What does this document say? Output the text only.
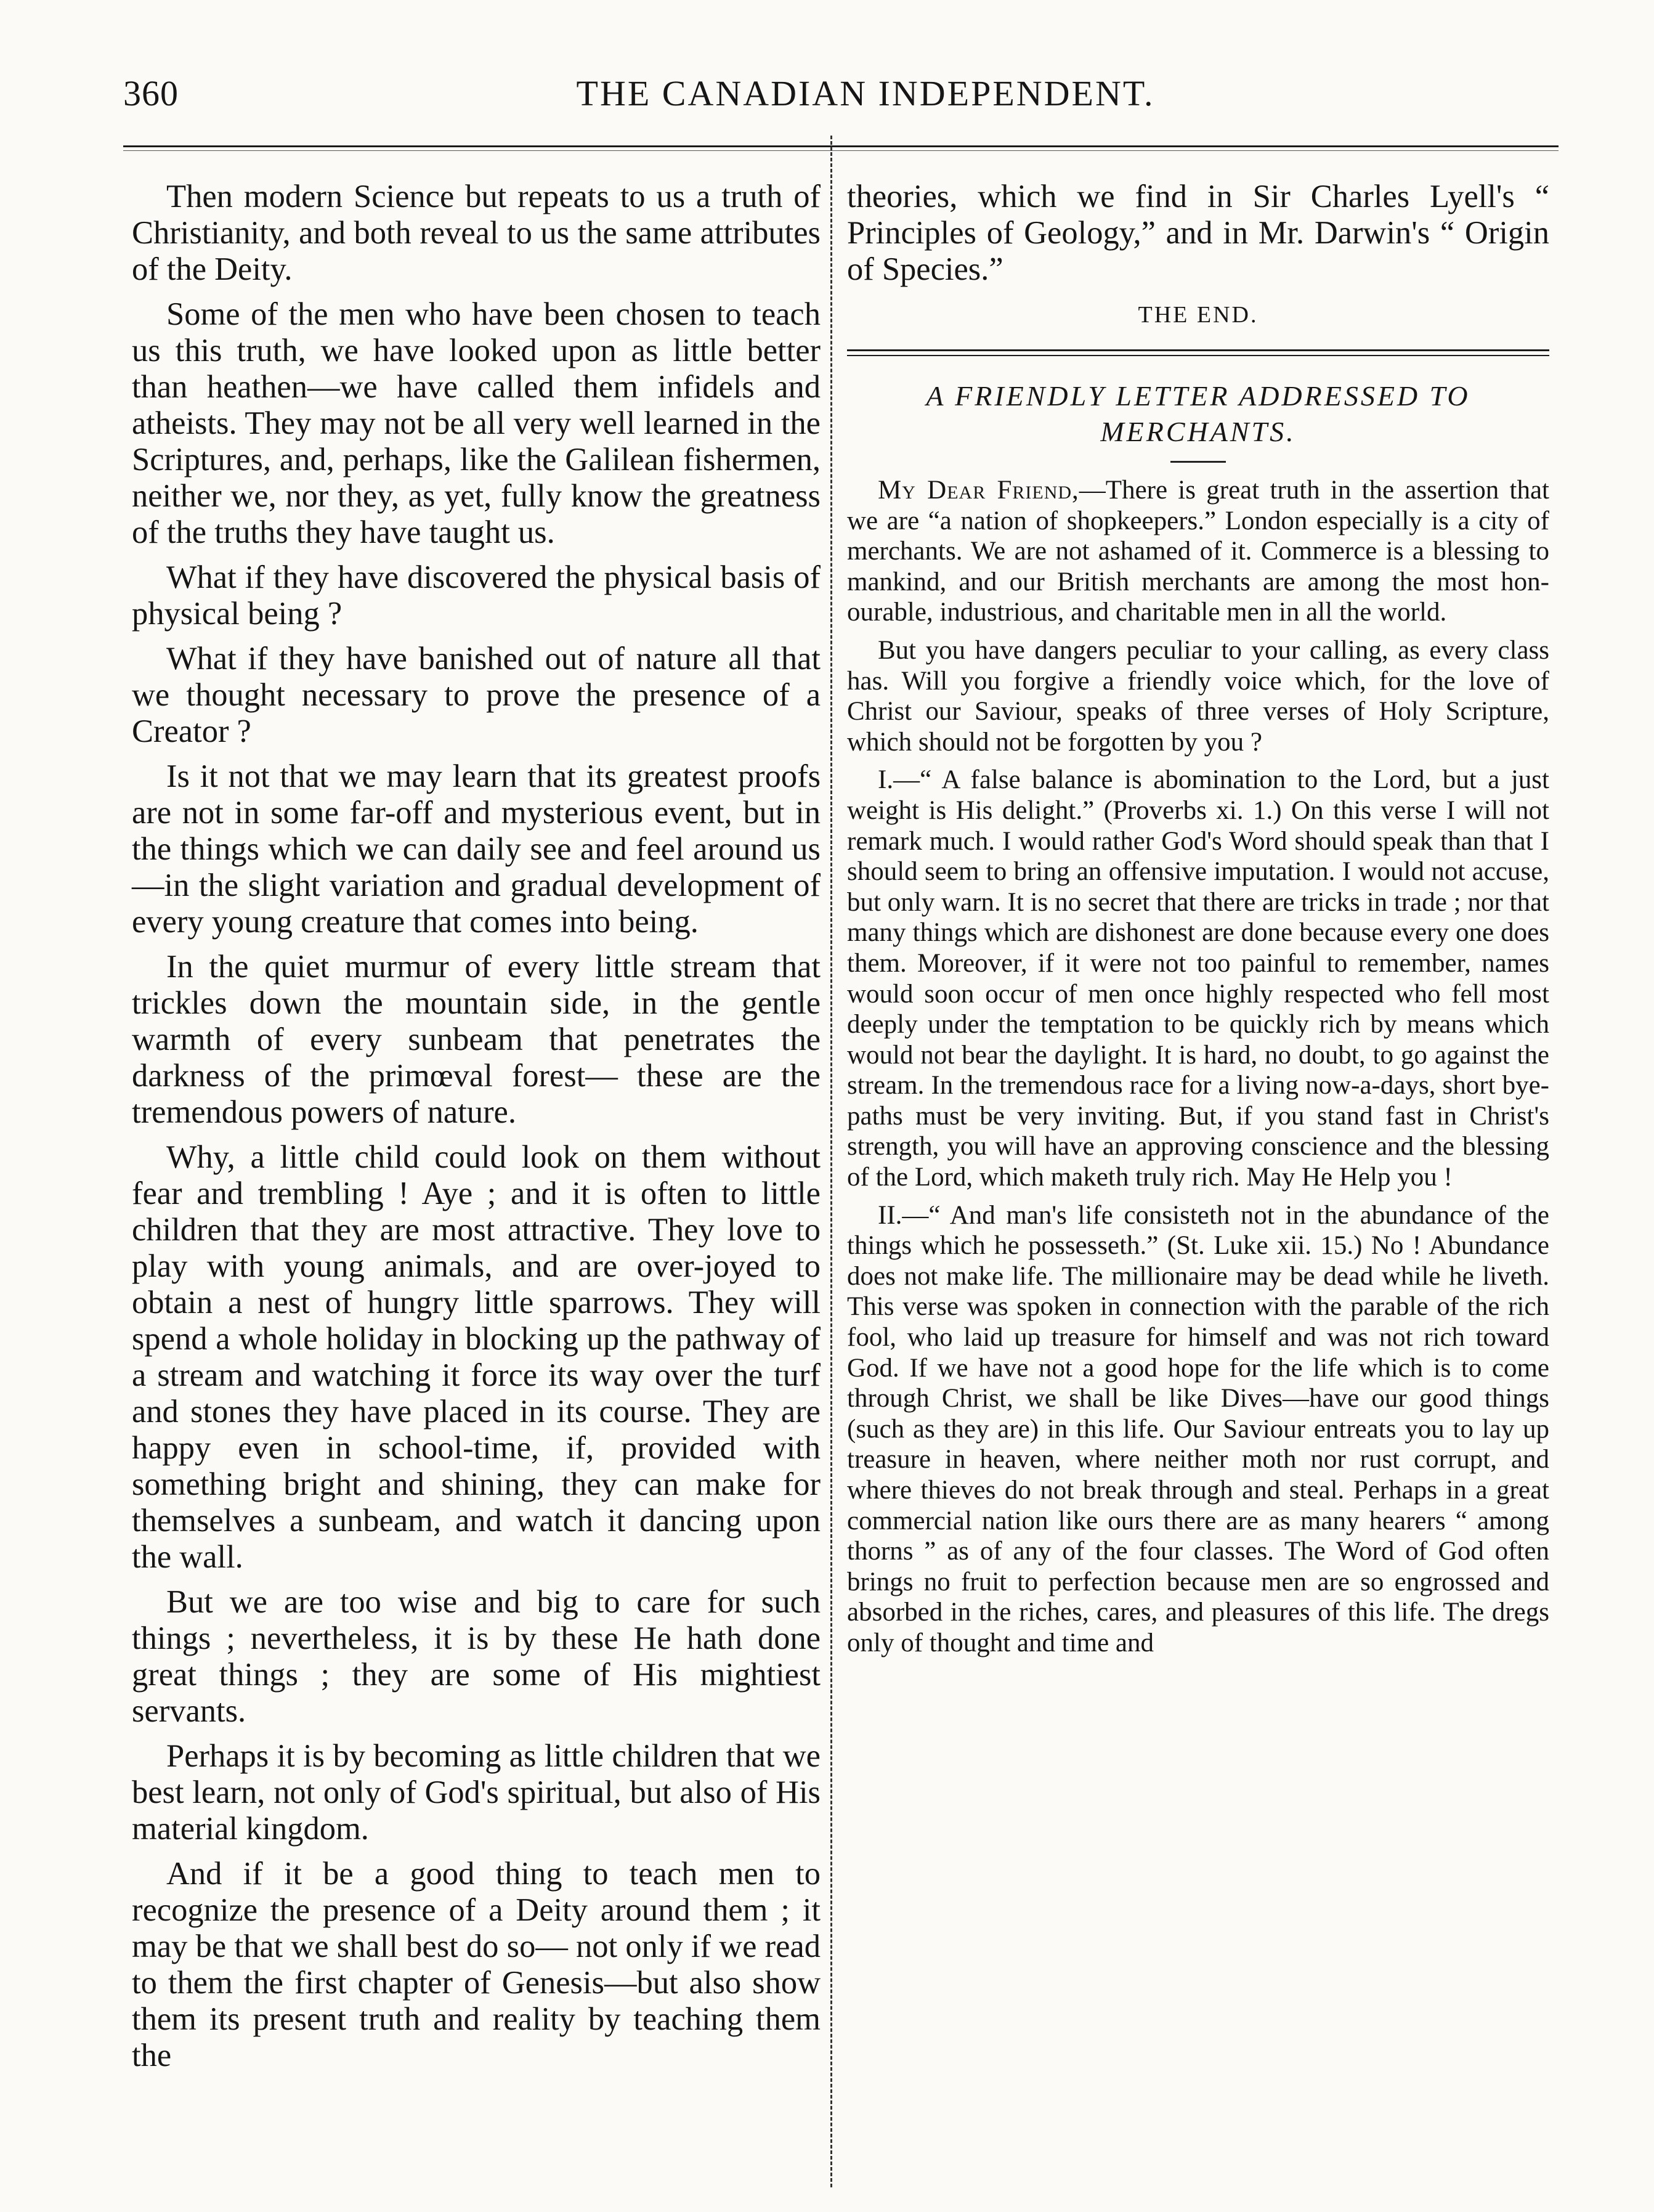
360	THE CANADIAN INDEPENDENT.

Then modern Science but repeats to us a truth of Christianity, and both reveal to us the same attributes of the Deity.

Some of the men who have been chosen to teach us this truth, we have looked upon as little better than heathen—we have called them infidels and atheists. They may not be all very well learned in the Scriptures, and, perhaps, like the Galilean fishermen, neither we, nor they, as yet, fully know the greatness of the truths they have taught us.

What if they have discovered the physical basis of physical being ?

What if they have banished out of nature all that we thought necessary to prove the presence of a Creator ?

Is it not that we may learn that its greatest proofs are not in some far-off and mysterious event, but in the things which we can daily see and feel around us—in the slight variation and gradual development of every young creature that comes into being.

In the quiet murmur of every little stream that trickles down the mountain side, in the gentle warmth of every sunbeam that penetrates the darkness of the primœval forest— these are the tremendous powers of nature.

Why, a little child could look on them without fear and trembling ! Aye ; and it is often to little children that they are most attractive. They love to play with young animals, and are over-joyed to obtain a nest of hungry little sparrows. They will spend a whole holiday in blocking up the pathway of a stream and watching it force its way over the turf and stones they have placed in its course. They are happy even in school-time, if, provided with something bright and shining, they can make for themselves a sunbeam, and watch it dancing upon the wall.

But we are too wise and big to care for such things ; nevertheless, it is by these He hath done great things ; they are some of His mightiest servants.

Perhaps it is by becoming as little children that we best learn, not only of God's spiritual, but also of His material kingdom.

And if it be a good thing to teach men to recognize the presence of a Deity around them ; it may be that we shall best do so— not only if we read to them the first chapter of Genesis—but also show them its present truth and reality by teaching them the

theories, which we find in Sir Charles Lyell's “ Principles of Geology,” and in Mr. Darwin's “ Origin of Species.”

THE END.
A FRIENDLY LETTER ADDRESSED TO MERCHANTS.

My Dear Friend,—There is great truth in the assertion that we are “a nation of shopkeepers.” London especially is a city of merchants. We are not ashamed of it. Commerce is a blessing to mankind, and our British merchants are among the most honourable, industrious, and charitable men in all the world.

But you have dangers peculiar to your calling, as every class has. Will you forgive a friendly voice which, for the love of Christ our Saviour, speaks of three verses of Holy Scripture, which should not be forgotten by you ?

I.—“ A false balance is abomination to the Lord, but a just weight is His delight.” (Proverbs xi. 1.) On this verse I will not remark much. I would rather God's Word should speak than that I should seem to bring an offensive imputation. I would not accuse, but only warn. It is no secret that there are tricks in trade ; nor that many things which are dishonest are done because every one does them. Moreover, if it were not too painful to remember, names would soon occur of men once highly respected who fell most deeply under the temptation to be quickly rich by means which would not bear the daylight. It is hard, no doubt, to go against the stream. In the tremendous race for a living now-a-days, short bye-paths must be very inviting. But, if you stand fast in Christ's strength, you will have an approving conscience and the blessing of the Lord, which maketh truly rich. May He Help you !

II.—“ And man's life consisteth not in the abundance of the things which he possesseth.” (St. Luke xii. 15.) No ! Abundance does not make life. The millionaire may be dead while he liveth. This verse was spoken in connection with the parable of the rich fool, who laid up treasure for himself and was not rich toward God. If we have not a good hope for the life which is to come through Christ, we shall be like Dives—have our good things (such as they are) in this life. Our Saviour entreats you to lay up treasure in heaven, where neither moth nor rust corrupt, and where thieves do not break through and steal. Perhaps in a great commercial nation like ours there are as many hearers “ among thorns ” as of any of the four classes. The Word of God often brings no fruit to perfection because men are so engrossed and absorbed in the riches, cares, and pleasures of this life. The dregs only of thought and time and
